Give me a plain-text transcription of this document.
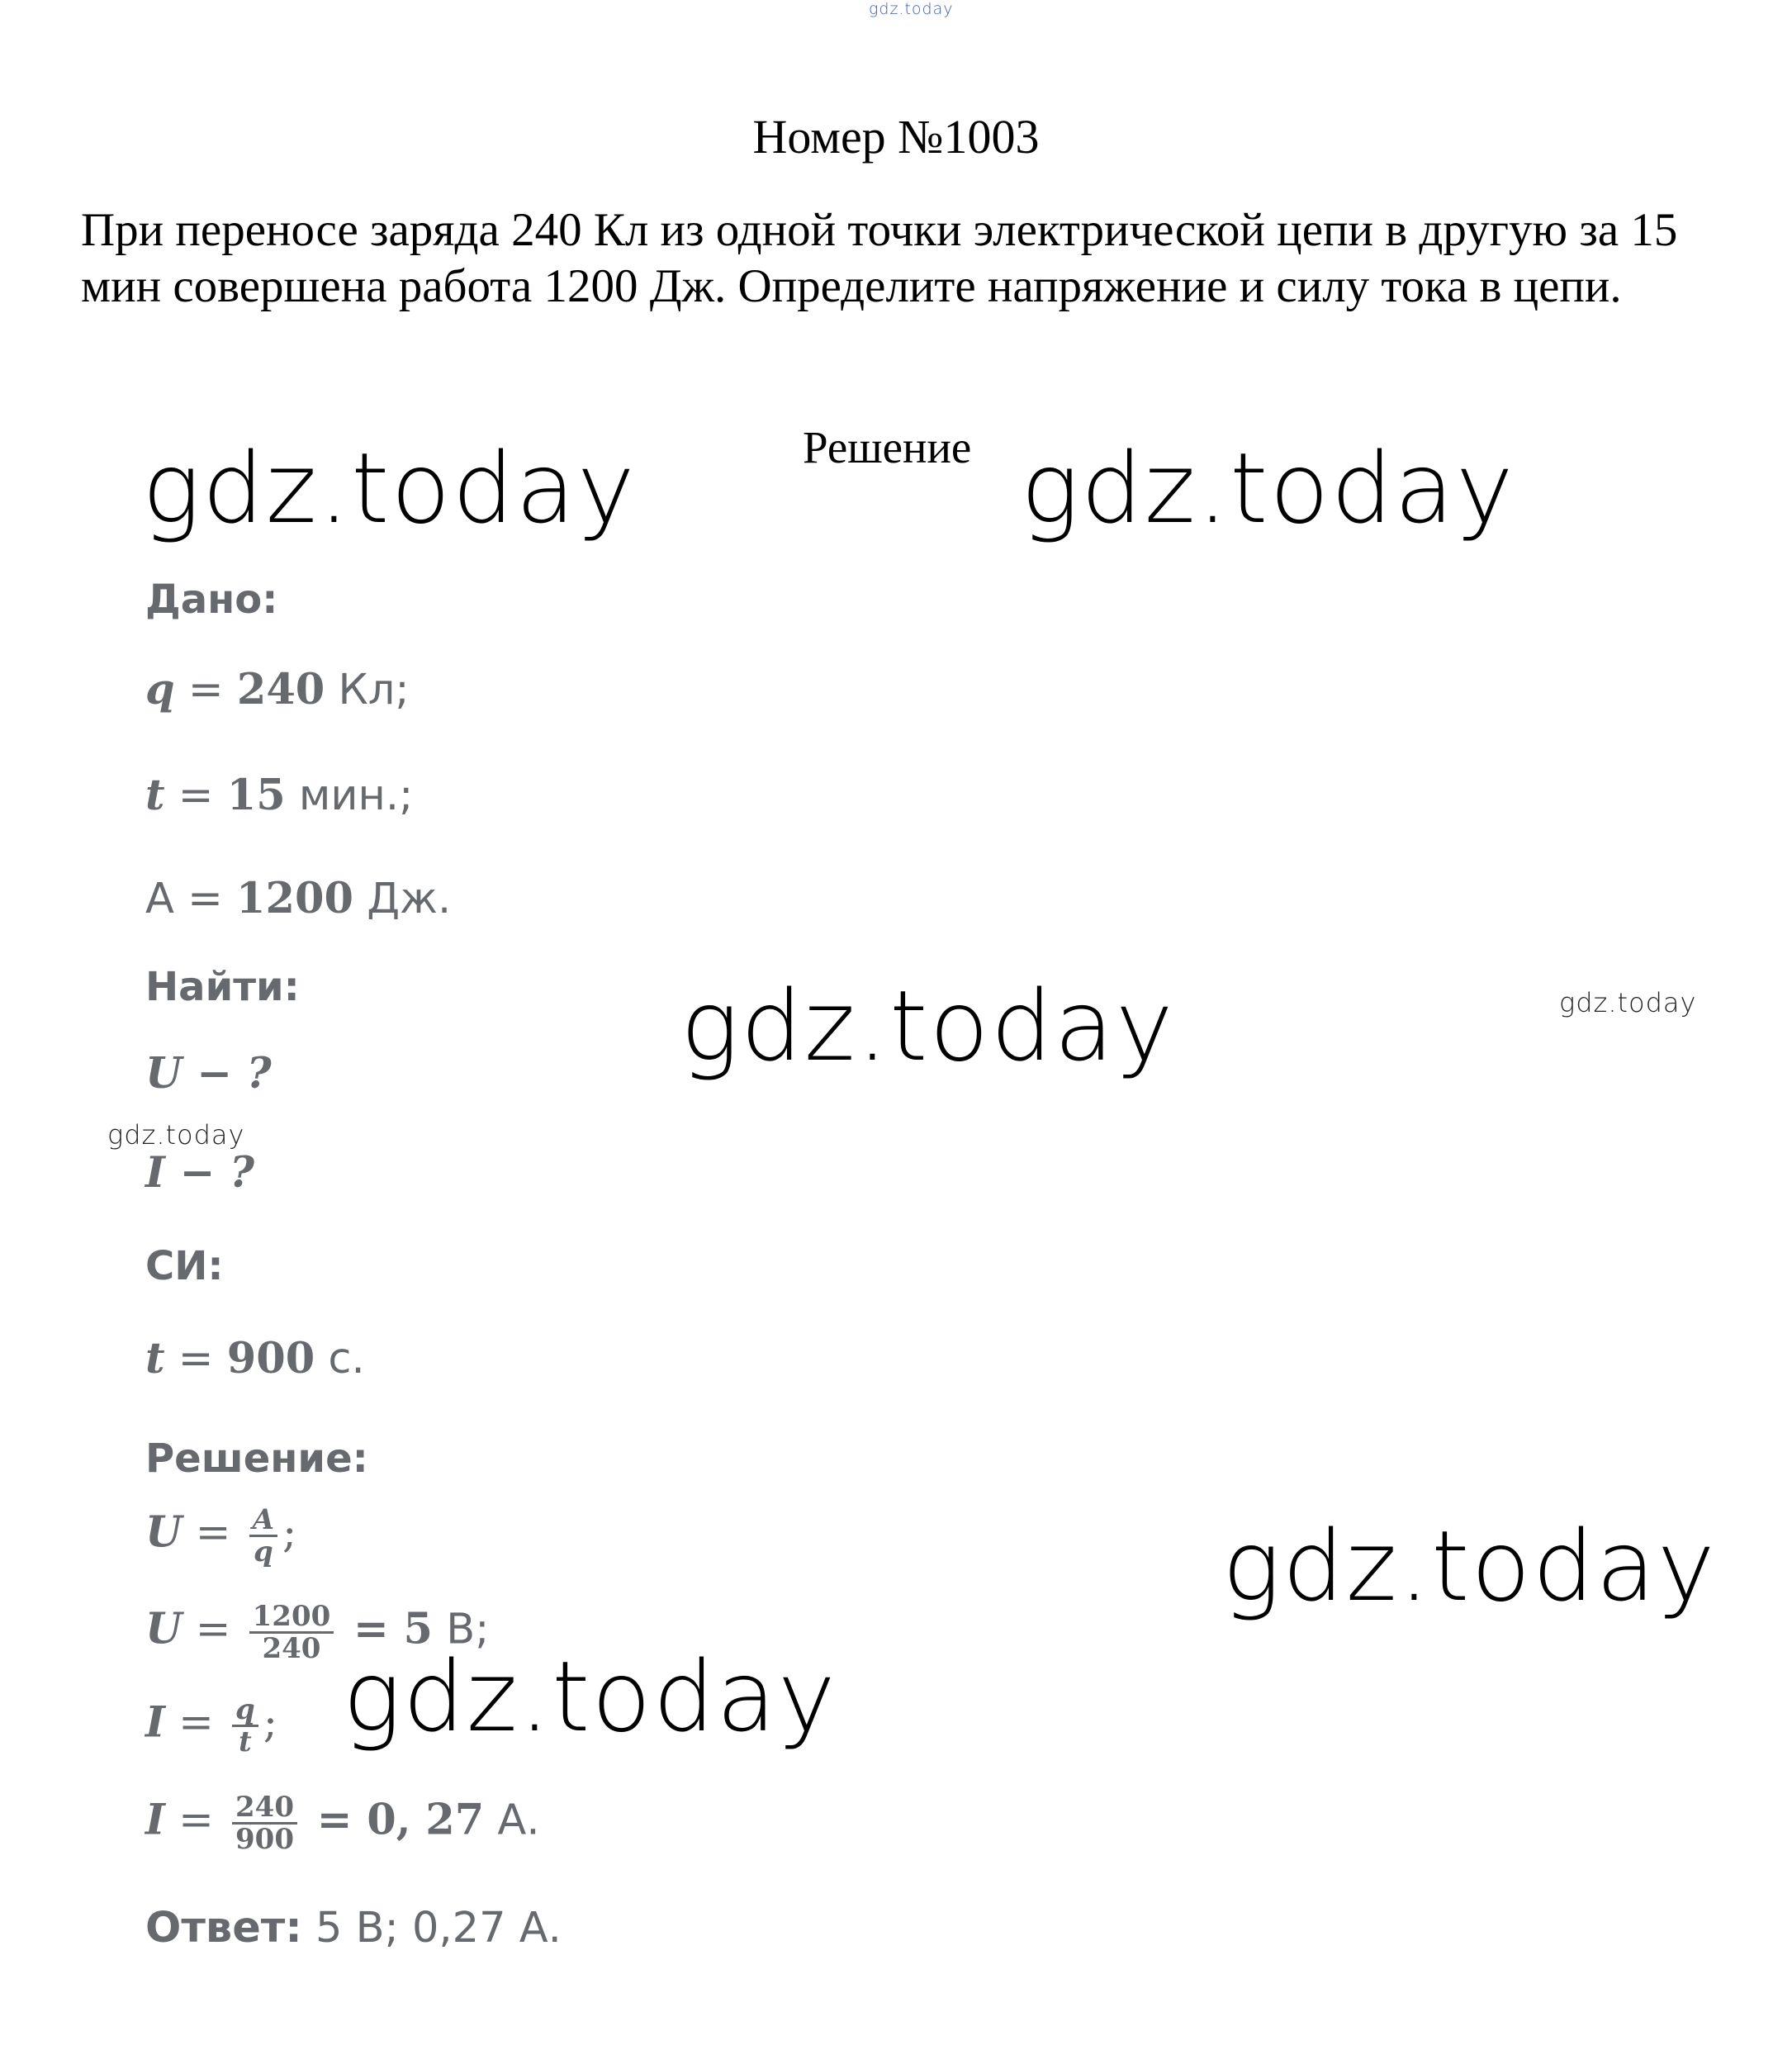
gdz.today
gdz.today	gdz.today
gdz.today
gdz.today
gdz.today
gdz.today
gdz.today
Номер №1003
При переносе заряда 240 Кл из одной точки электрической цепи в другую за 15 мин совершена работа 1200 Дж. Определите напряжение и силу тока в цепи.
Решение
Дано:
q = 240 Кл;
t = 15 мин.;
А = 1200 Дж.
Найти:
U − ?
I − ?
СИ:
t = 900 с.
Решение:
$U = \frac{A}{q}$ ;
$U = \frac{1200}{240} = 5$ В;
$I = \frac{q}{t}$ ;
$I = \frac{240}{900} = 0$, 27 А.
Ответ: 5 В; 0,27 А.
